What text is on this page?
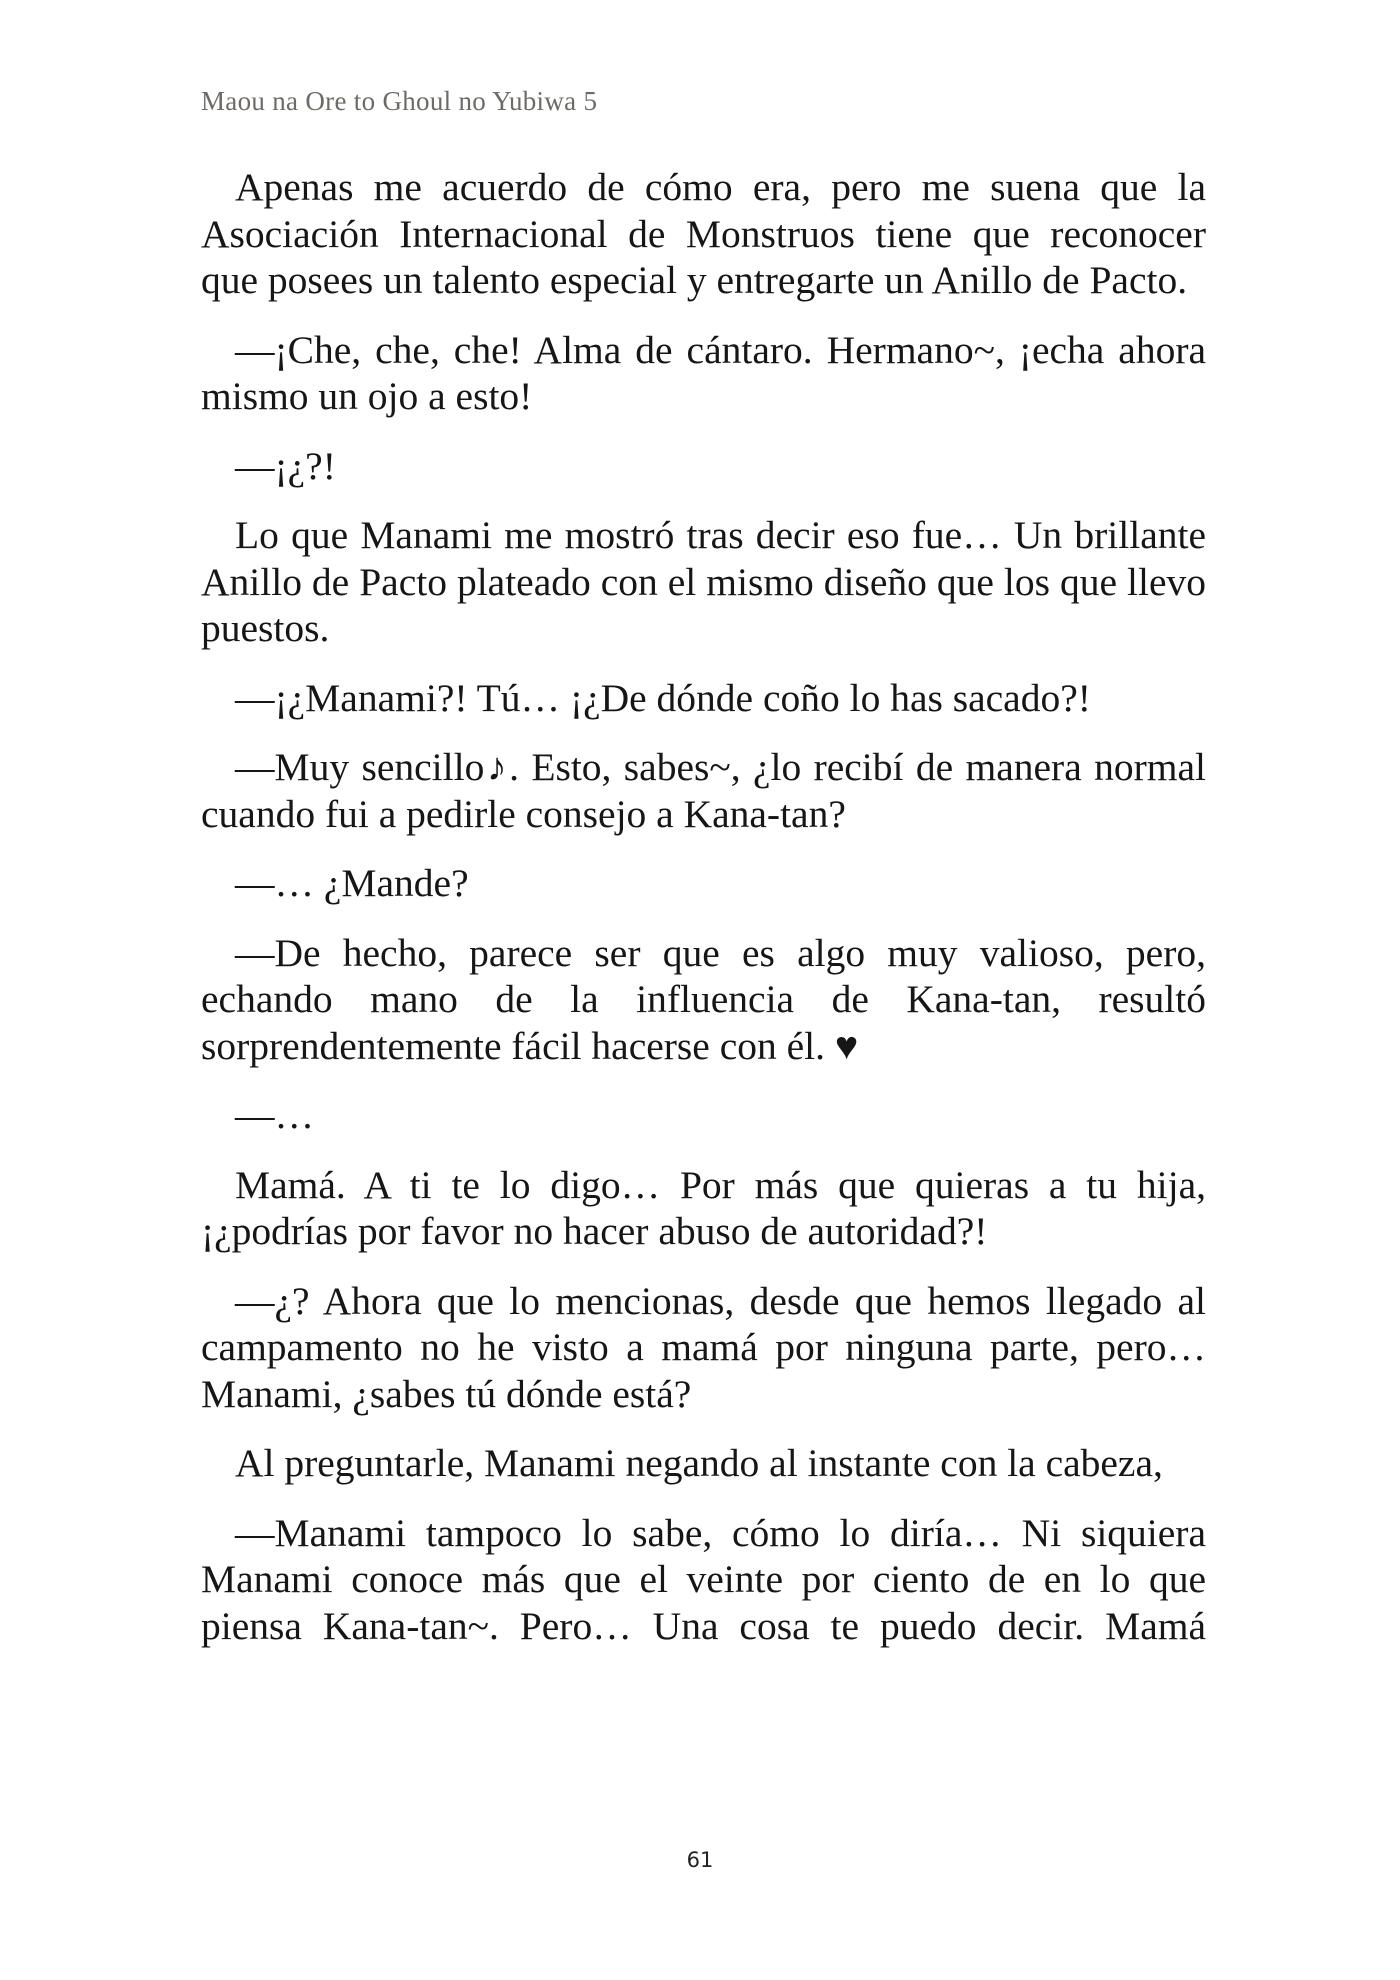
Maou na Ore to Ghoul no Yubiwa 5

Apenas me acuerdo de cómo era, pero me suena que la Asociación Internacional de Monstruos tiene que reconocer que posees un talento especial y entregarte un Anillo de Pacto.

—¡Che, che, che! Alma de cántaro. Hermano~, ¡echa ahora mismo un ojo a esto!

—¡¿?!

Lo que Manami me mostró tras decir eso fue… Un brillante Anillo de Pacto plateado con el mismo diseño que los que llevo puestos.

—¡¿Manami?! Tú… ¡¿De dónde coño lo has sacado?!

—Muy sencillo♪. Esto, sabes~, ¿lo recibí de manera normal cuando fui a pedirle consejo a Kana-tan?

—… ¿Mande?

—De hecho, parece ser que es algo muy valioso, pero, echando mano de la influencia de Kana-tan, resultó sorprendentemente fácil hacerse con él. ♥

—…

Mamá. A ti te lo digo… Por más que quieras a tu hija, ¡¿podrías por favor no hacer abuso de autoridad?!

—¿? Ahora que lo mencionas, desde que hemos llegado al campamento no he visto a mamá por ninguna parte, pero… Manami, ¿sabes tú dónde está?

Al preguntarle, Manami negando al instante con la cabeza,

—Manami tampoco lo sabe, cómo lo diría… Ni siquiera Manami conoce más que el veinte por ciento de en lo que piensa Kana-tan~. Pero… Una cosa te puedo decir. Mamá

61
